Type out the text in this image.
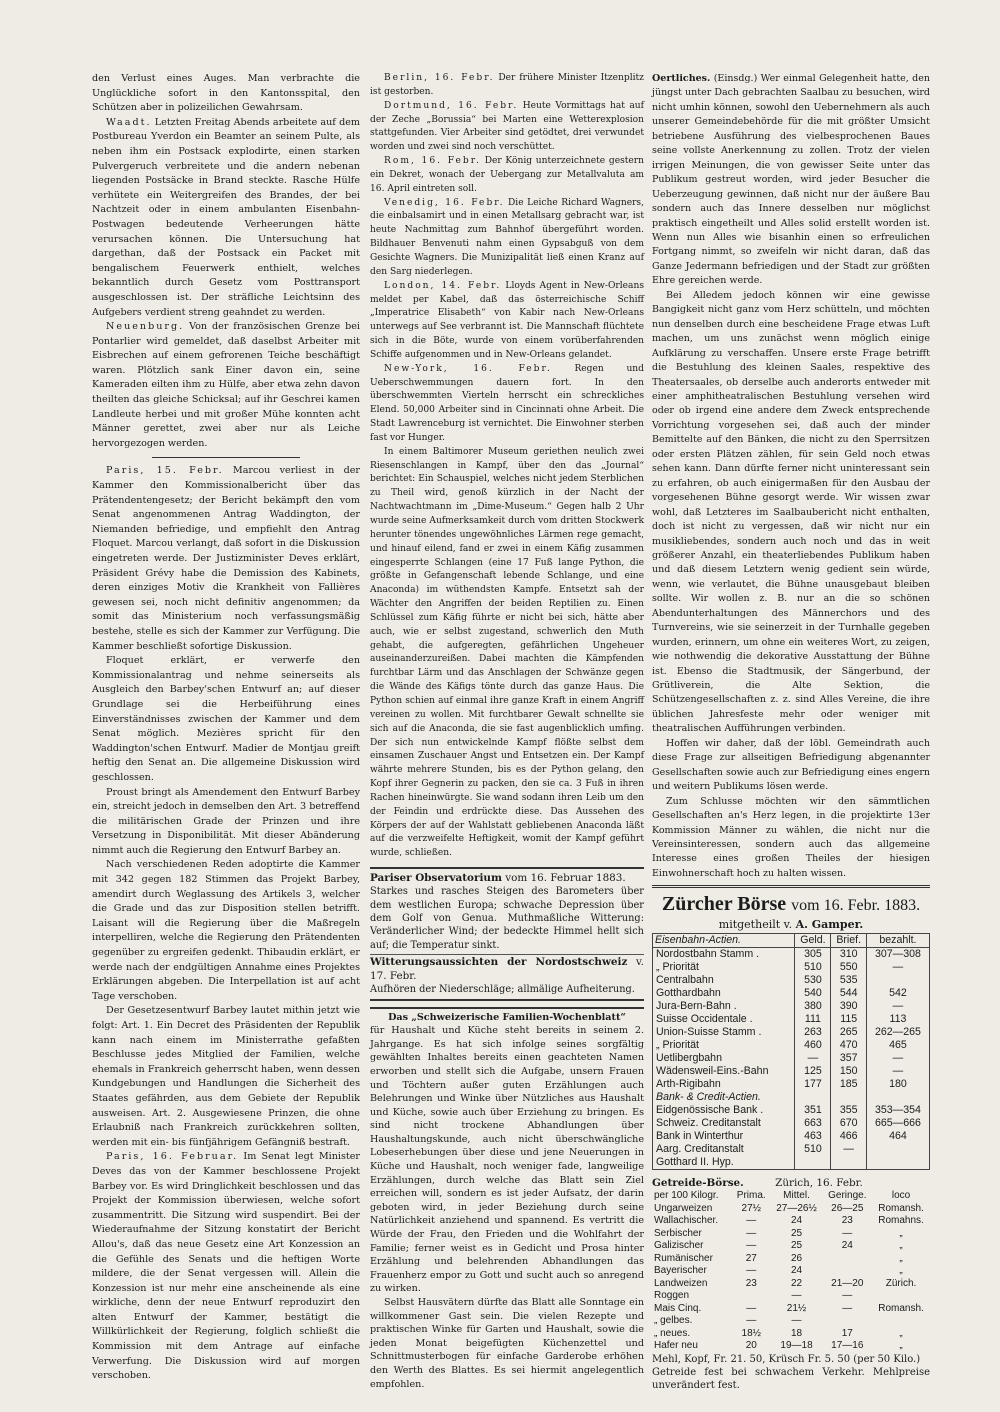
den Verlust eines Auges. Man verbrachte die Unglückliche sofort in den Kantonsspital, den Schützen aber in polizeilichen Gewahrsam.

Waadt. Letzten Freitag Abends arbeitete auf dem Postbureau Yverdon ein Beamter an seinem Pulte, als neben ihm ein Postsack explodirte, einen starken Pulvergeruch verbreitete und die andern nebenan liegenden Postsäcke in Brand steckte. Rasche Hülfe verhütete ein Weitergreifen des Brandes, der bei Nachtzeit oder in einem ambulanten Eisenbahn-Postwagen bedeutende Verheerungen hätte verursachen können. Die Untersuchung hat dargethan, daß der Postsack ein Packet mit bengalischem Feuerwerk enthielt, welches bekanntlich durch Gesetz vom Posttransport ausgeschlossen ist. Der sträfliche Leichtsinn des Aufgebers verdient streng geahndet zu werden.

Neuenburg. Von der französischen Grenze bei Pontarlier wird gemeldet, daß daselbst Arbeiter mit Eisbrechen auf einem gefrorenen Teiche beschäftigt waren. Plötzlich sank Einer davon ein, seine Kameraden eilten ihm zu Hülfe, aber etwa zehn davon theilten das gleiche Schicksal; auf ihr Geschrei kamen Landleute herbei und mit großer Mühe konnten acht Männer gerettet, zwei aber nur als Leiche hervorgezogen werden.

Paris, 15. Febr. Marcou verliest in der Kammer den Kommissionalbericht über das Prätendentengesetz; der Bericht bekämpft den vom Senat angenommenen Antrag Waddington, der Niemanden befriedige, und empfiehlt den Antrag Floquet. Marcou verlangt, daß sofort in die Diskussion eingetreten werde. Der Justizminister Deves erklärt, Präsident Grévy habe die Demission des Kabinets, deren einziges Motiv die Krankheit von Fallières gewesen sei, noch nicht definitiv angenommen; da somit das Ministerium noch verfassungsmäßig bestehe, stelle es sich der Kammer zur Verfügung. Die Kammer beschließt sofortige Diskussion.

Floquet erklärt, er verwerfe den Kommissionalantrag und nehme seinerseits als Ausgleich den Barbey'schen Entwurf an; auf dieser Grundlage sei die Herbeiführung eines Einverständnisses zwischen der Kammer und dem Senat möglich. Mezières spricht für den Waddington'schen Entwurf. Madier de Montjau greift heftig den Senat an. Die allgemeine Diskussion wird geschlossen.

Proust bringt als Amendement den Entwurf Barbey ein, streicht jedoch in demselben den Art. 3 betreffend die militärischen Grade der Prinzen und ihre Versetzung in Disponibilität. Mit dieser Abänderung nimmt auch die Regierung den Entwurf Barbey an.

Nach verschiedenen Reden adoptirte die Kammer mit 342 gegen 182 Stimmen das Projekt Barbey, amendirt durch Weglassung des Artikels 3, welcher die Grade und das zur Disposition stellen betrifft. Laisant will die Regierung über die Maßregeln interpelliren, welche die Regierung den Prätendenten gegenüber zu ergreifen gedenkt. Thibaudin erklärt, er werde nach der endgültigen Annahme eines Projektes Erklärungen abgeben. Die Interpellation ist auf acht Tage verschoben.

Der Gesetzesentwurf Barbey lautet mithin jetzt wie folgt: Art. 1. Ein Decret des Präsidenten der Republik kann nach einem im Ministerrathe gefaßten Beschlusse jedes Mitglied der Familien, welche ehemals in Frankreich geherrscht haben, wenn dessen Kundgebungen und Handlungen die Sicherheit des Staates gefährden, aus dem Gebiete der Republik ausweisen. Art. 2. Ausgewiesene Prinzen, die ohne Erlaubniß nach Frankreich zurückkehren sollten, werden mit ein- bis fünfjährigem Gefängniß bestraft.

Paris, 16. Februar. Im Senat legt Minister Deves das von der Kammer beschlossene Projekt Barbey vor. Es wird Dringlichkeit beschlossen und das Projekt der Kommission überwiesen, welche sofort zusammentritt. Die Sitzung wird suspendirt. Bei der Wiederaufnahme der Sitzung konstatirt der Bericht Allou's, daß das neue Gesetz eine Art Konzession an die Gefühle des Senats und die heftigen Worte mildere, die der Senat vergessen will. Allein die Konzession ist nur mehr eine anscheinende als eine wirkliche, denn der neue Entwurf reproduzirt den alten Entwurf der Kammer, bestätigt die Willkürlichkeit der Regierung, folglich schließt die Kommission mit dem Antrage auf einfache Verwerfung. Die Diskussion wird auf morgen verschoben.

Berlin, 16. Febr. Der frühere Minister Itzenplitz ist gestorben.

Dortmund, 16. Febr. Heute Vormittags hat auf der Zeche „Borussia“ bei Marten eine Wetterexplosion stattgefunden. Vier Arbeiter sind getödtet, drei verwundet worden und zwei sind noch verschüttet.

Rom, 16. Febr. Der König unterzeichnete gestern ein Dekret, wonach der Uebergang zur Metallvaluta am 16. April eintreten soll.

Venedig, 16. Febr. Die Leiche Richard Wagners, die einbalsamirt und in einen Metallsarg gebracht war, ist heute Nachmittag zum Bahnhof übergeführt worden. Bildhauer Benvenuti nahm einen Gypsabguß von dem Gesichte Wagners. Die Munizipalität ließ einen Kranz auf den Sarg niederlegen.

London, 14. Febr. Lloyds Agent in New-Orleans meldet per Kabel, daß das österreichische Schiff „Imperatrice Elisabeth“ von Kabir nach New-Orleans unterwegs auf See verbrannt ist. Die Mannschaft flüchtete sich in die Böte, wurde von einem vorüberfahrenden Schiffe aufgenommen und in New-Orleans gelandet.

New-York, 16. Febr. Regen und Ueberschwemmungen dauern fort. In den überschwemmten Vierteln herrscht ein schreckliches Elend. 50,000 Arbeiter sind in Cincinnati ohne Arbeit. Die Stadt Lawrenceburg ist vernichtet. Die Einwohner sterben fast vor Hunger.

In einem Baltimorer Museum geriethen neulich zwei Riesenschlangen in Kampf, über den das „Journal“ berichtet: Ein Schauspiel, welches nicht jedem Sterblichen zu Theil wird, genoß kürzlich in der Nacht der Nachtwachtmann im „Dime-Museum.“ Gegen halb 2 Uhr wurde seine Aufmerksamkeit durch vom dritten Stockwerk herunter tönendes ungewöhnliches Lärmen rege gemacht, und hinauf eilend, fand er zwei in einem Käfig zusammen eingesperrte Schlangen (eine 17 Fuß lange Python, die größte in Gefangenschaft lebende Schlange, und eine Anaconda) im wüthendsten Kampfe. Entsetzt sah der Wächter den Angriffen der beiden Reptilien zu. Einen Schlüssel zum Käfig führte er nicht bei sich, hätte aber auch, wie er selbst zugestand, schwerlich den Muth gehabt, die aufgeregten, gefährlichen Ungeheuer auseinanderzureißen. Dabei machten die Kämpfenden furchtbar Lärm und das Anschlagen der Schwänze gegen die Wände des Käfigs tönte durch das ganze Haus. Die Python schien auf einmal ihre ganze Kraft in einem Angriff vereinen zu wollen. Mit furchtbarer Gewalt schnellte sie sich auf die Anaconda, die sie fast augenblicklich umfing. Der sich nun entwickelnde Kampf flößte selbst dem einsamen Zuschauer Angst und Entsetzen ein. Der Kampf währte mehrere Stunden, bis es der Python gelang, den Kopf ihrer Gegnerin zu packen, den sie ca. 3 Fuß in ihren Rachen hineinwürgte. Sie wand sodann ihren Leib um den der Feindin und erdrückte diese. Das Aussehen des Körpers der auf der Wahlstatt gebliebenen Anaconda läßt auf die verzweifelte Heftigkeit, womit der Kampf geführt wurde, schließen.

Pariser Observatorium vom 16. Februar 1883.
Starkes und rasches Steigen des Barometers über dem westlichen Europa; schwache Depression über dem Golf von Genua. Muthmaßliche Witterung: Veränderlicher Wind; der bedeckte Himmel hellt sich auf; die Temperatur sinkt.
Witterungsaussichten der Nordostschweiz v. 17. Febr.
Aufhören der Niederschläge; allmälige Aufheiterung.
Das „Schweizerische Familien-Wochenblatt“
für Haushalt und Küche steht bereits in seinem 2. Jahrgange. Es hat sich infolge seines sorgfältig gewählten Inhaltes bereits einen geachteten Namen erworben und stellt sich die Aufgabe, unsern Frauen und Töchtern außer guten Erzählungen auch Belehrungen und Winke über Nützliches aus Haushalt und Küche, sowie auch über Erziehung zu bringen. Es sind nicht trockene Abhandlungen über Haushaltungskunde, auch nicht überschwängliche Lobeserhebungen über diese und jene Neuerungen in Küche und Haushalt, noch weniger fade, langweilige Erzählungen, durch welche das Blatt sein Ziel erreichen will, sondern es ist jeder Aufsatz, der darin geboten wird, in jeder Beziehung durch seine Natürlichkeit anziehend und spannend. Es vertritt die Würde der Frau, den Frieden und die Wohlfahrt der Familie; ferner weist es in Gedicht und Prosa hinter Erzählung und belehrenden Abhandlungen das Frauenherz empor zu Gott und sucht auch so anregend zu wirken.
Selbst Hausvätern dürfte das Blatt alle Sonntage ein willkommener Gast sein. Die vielen Rezepte und praktischen Winke für Garten und Haushalt, sowie die jeden Monat beigefügten Küchenzettel und Schnittmusterbogen für einfache Garderobe erhöhen den Werth des Blattes. Es sei hiermit angelegentlich empfohlen.

Oertliches. (Einsdg.) Wer einmal Gelegenheit hatte, den jüngst unter Dach gebrachten Saalbau zu besuchen, wird nicht umhin können, sowohl den Uebernehmern als auch unserer Gemeindebehörde für die mit größter Umsicht betriebene Ausführung des vielbesprochenen Baues seine vollste Anerkennung zu zollen. Trotz der vielen irrigen Meinungen, die von gewisser Seite unter das Publikum gestreut worden, wird jeder Besucher die Ueberzeugung gewinnen, daß nicht nur der äußere Bau sondern auch das Innere desselben nur möglichst praktisch eingetheilt und Alles solid erstellt worden ist. Wenn nun Alles wie bisanhin einen so erfreulichen Fortgang nimmt, so zweifeln wir nicht daran, daß das Ganze Jedermann befriedigen und der Stadt zur größten Ehre gereichen werde.

Bei Alledem jedoch können wir eine gewisse Bangigkeit nicht ganz vom Herz schütteln, und möchten nun denselben durch eine bescheidene Frage etwas Luft machen, um uns zunächst wenn möglich einige Aufklärung zu verschaffen. Unsere erste Frage betrifft die Bestuhlung des kleinen Saales, respektive des Theatersaales, ob derselbe auch anderorts entweder mit einer amphitheatralischen Bestuhlung versehen wird oder ob irgend eine andere dem Zweck entsprechende Vorrichtung vorgesehen sei, daß auch der minder Bemittelte auf den Bänken, die nicht zu den Sperrsitzen oder ersten Plätzen zählen, für sein Geld noch etwas sehen kann. Dann dürfte ferner nicht uninteressant sein zu erfahren, ob auch einigermaßen für den Ausbau der vorgesehenen Bühne gesorgt werde. Wir wissen zwar wohl, daß Letzteres im Saalbaubericht nicht enthalten, doch ist nicht zu vergessen, daß wir nicht nur ein musikliebendes, sondern auch noch und das in weit größerer Anzahl, ein theaterliebendes Publikum haben und daß diesem Letztern wenig gedient sein würde, wenn, wie verlautet, die Bühne unausgebaut bleiben sollte. Wir wollen z. B. nur an die so schönen Abendunterhaltungen des Männerchors und des Turnvereins, wie sie seinerzeit in der Turnhalle gegeben wurden, erinnern, um ohne ein weiteres Wort, zu zeigen, wie nothwendig die dekorative Ausstattung der Bühne ist. Ebenso die Stadtmusik, der Sängerbund, der Grütliverein, die Alte Sektion, die Schützengesellschaften z. z. sind Alles Vereine, die ihre üblichen Jahresfeste mehr oder weniger mit theatralischen Aufführungen verbinden.

Hoffen wir daher, daß der löbl. Gemeindrath auch diese Frage zur allseitigen Befriedigung abgenannter Gesellschaften sowie auch zur Befriedigung eines engern und weitern Publikums lösen werde.

Zum Schlusse möchten wir den sämmtlichen Gesellschaften an's Herz legen, in die projektirte 13er Kommission Männer zu wählen, die nicht nur die Vereinsinteressen, sondern auch das allgemeine Interesse eines großen Theiles der hiesigen Einwohnerschaft hoch zu halten wissen.

Zürcher Börse vom 16. Febr. 1883.
mitgetheilt v. A. Gamper.
Eisenbahn-Actien.	Geld.	Brief.	bezahlt.
Nordostbahn Stamm .	305	310	307—308
„ Priorität	510	550	—
Centralbahn	530	535	
Gotthardbahn	540	544	542
Jura-Bern-Bahn .	380	390	—
Suisse Occidentale .	111	115	113
Union-Suisse Stamm .	263	265	262—265
„ Priorität	460	470	465
Uetlibergbahn	—	357	—
Wädensweil-Eins.-Bahn	125	150	—
Arth-Rigibahn	177	185	180
Bank- & Credit-Actien.			
Eidgenössische Bank .	351	355	353—354
Schweiz. Creditanstalt	663	670	665—666
Bank in Winterthur	463	466	464
Aarg. Creditanstalt	510	—	
Gotthard II. Hyp.			
Getreide-Börse.	Zürich, 16. Febr.
per 100 Kilogr.	Prima.	Mittel.	Geringe.	loco
Ungarweizen	27½	27—26½	26—25	Romansh.
Wallachischer.	—	24	23	Romahns.
Serbischer	—	25	—	„
Galizischer	—	25	24	„
Rumänischer	27	26		„
Bayerischer	—	24		„
Landweizen	23	22	21—20	Zürich.
Roggen		—	—	
Mais Cinq.	—	21½	—	Romansh.
„ gelbes.	—	—		
„ neues.	18½	18	17	„
Hafer neu	20	19—18	17—16	„
Mehl, Kopf, Fr. 21. 50, Krüsch Fr. 5. 50 (per 50 Kilo.)
Getreide fest bei schwachem Verkehr. Mehlpreise unverändert fest.
